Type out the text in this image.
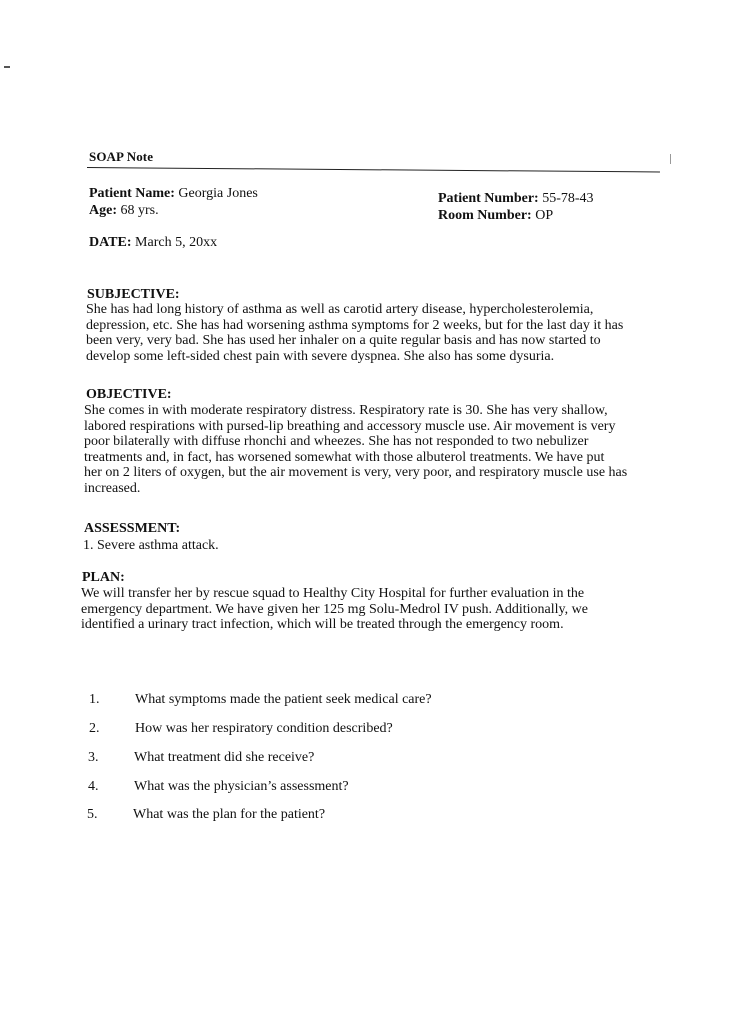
SOAP Note
Patient Name: Georgia Jones
Age: 68 yrs.
Patient Number: 55-78-43
Room Number: OP
DATE: March 5, 20xx
SUBJECTIVE:
She has had long history of asthma as well as carotid artery disease, hypercholesterolemia,
depression, etc. She has had worsening asthma symptoms for 2 weeks, but for the last day it has
been very, very bad. She has used her inhaler on a quite regular basis and has now started to
develop some left-sided chest pain with severe dyspnea. She also has some dysuria.
OBJECTIVE:
She comes in with moderate respiratory distress. Respiratory rate is 30. She has very shallow,
labored respirations with pursed-lip breathing and accessory muscle use. Air movement is very
poor bilaterally with diffuse rhonchi and wheezes. She has not responded to two nebulizer
treatments and, in fact, has worsened somewhat with those albuterol treatments. We have put
her on 2 liters of oxygen, but the air movement is very, very poor, and respiratory muscle use has
increased.
ASSESSMENT:
1. Severe asthma attack.
PLAN:
We will transfer her by rescue squad to Healthy City Hospital for further evaluation in the
emergency department. We have given her 125 mg Solu-Medrol IV push. Additionally, we
identified a urinary tract infection, which will be treated through the emergency room.
1.	What symptoms made the patient seek medical care?
2.	How was her respiratory condition described?
3.	What treatment did she receive?
4.	What was the physician’s assessment?
5.	What was the plan for the patient?
